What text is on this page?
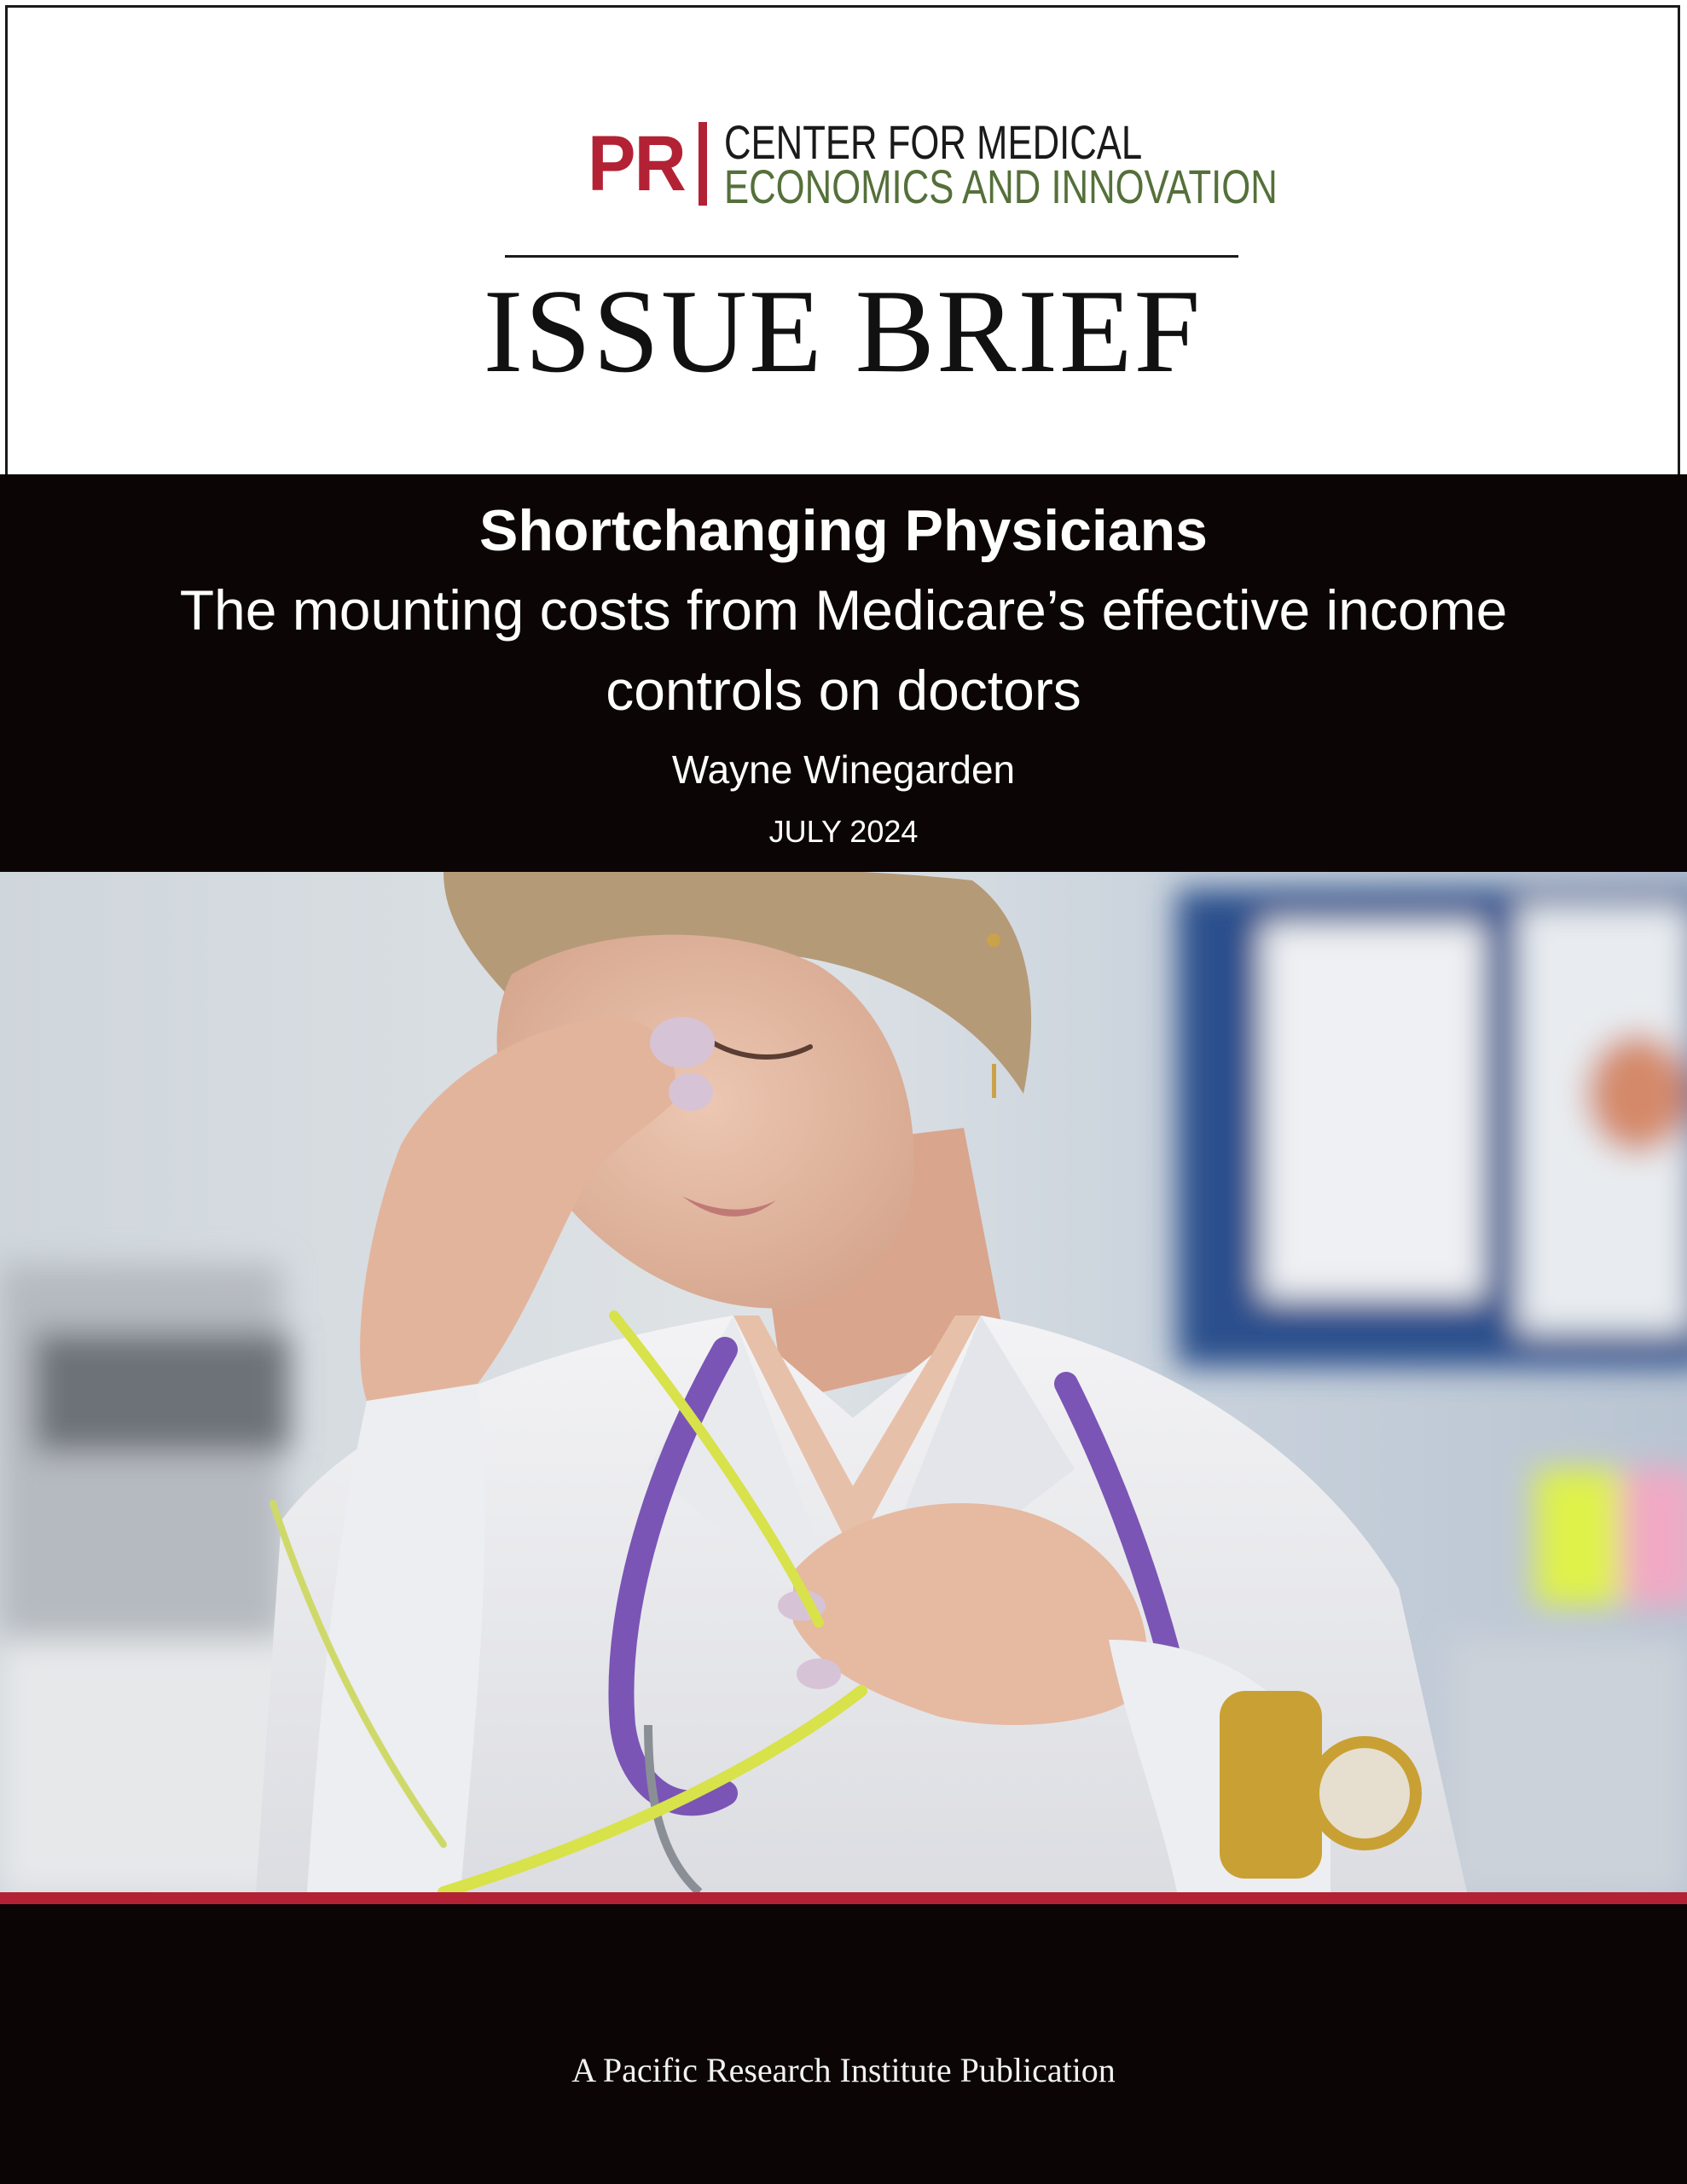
PR CENTER FOR MEDICAL
ECONOMICS AND INNOVATION
ISSUE BRIEF
Shortchanging Physicians
The mounting costs from Medicare’s effective income controls on doctors
Wayne Winegarden
JULY 2024
A Pacific Research Institute Publication
